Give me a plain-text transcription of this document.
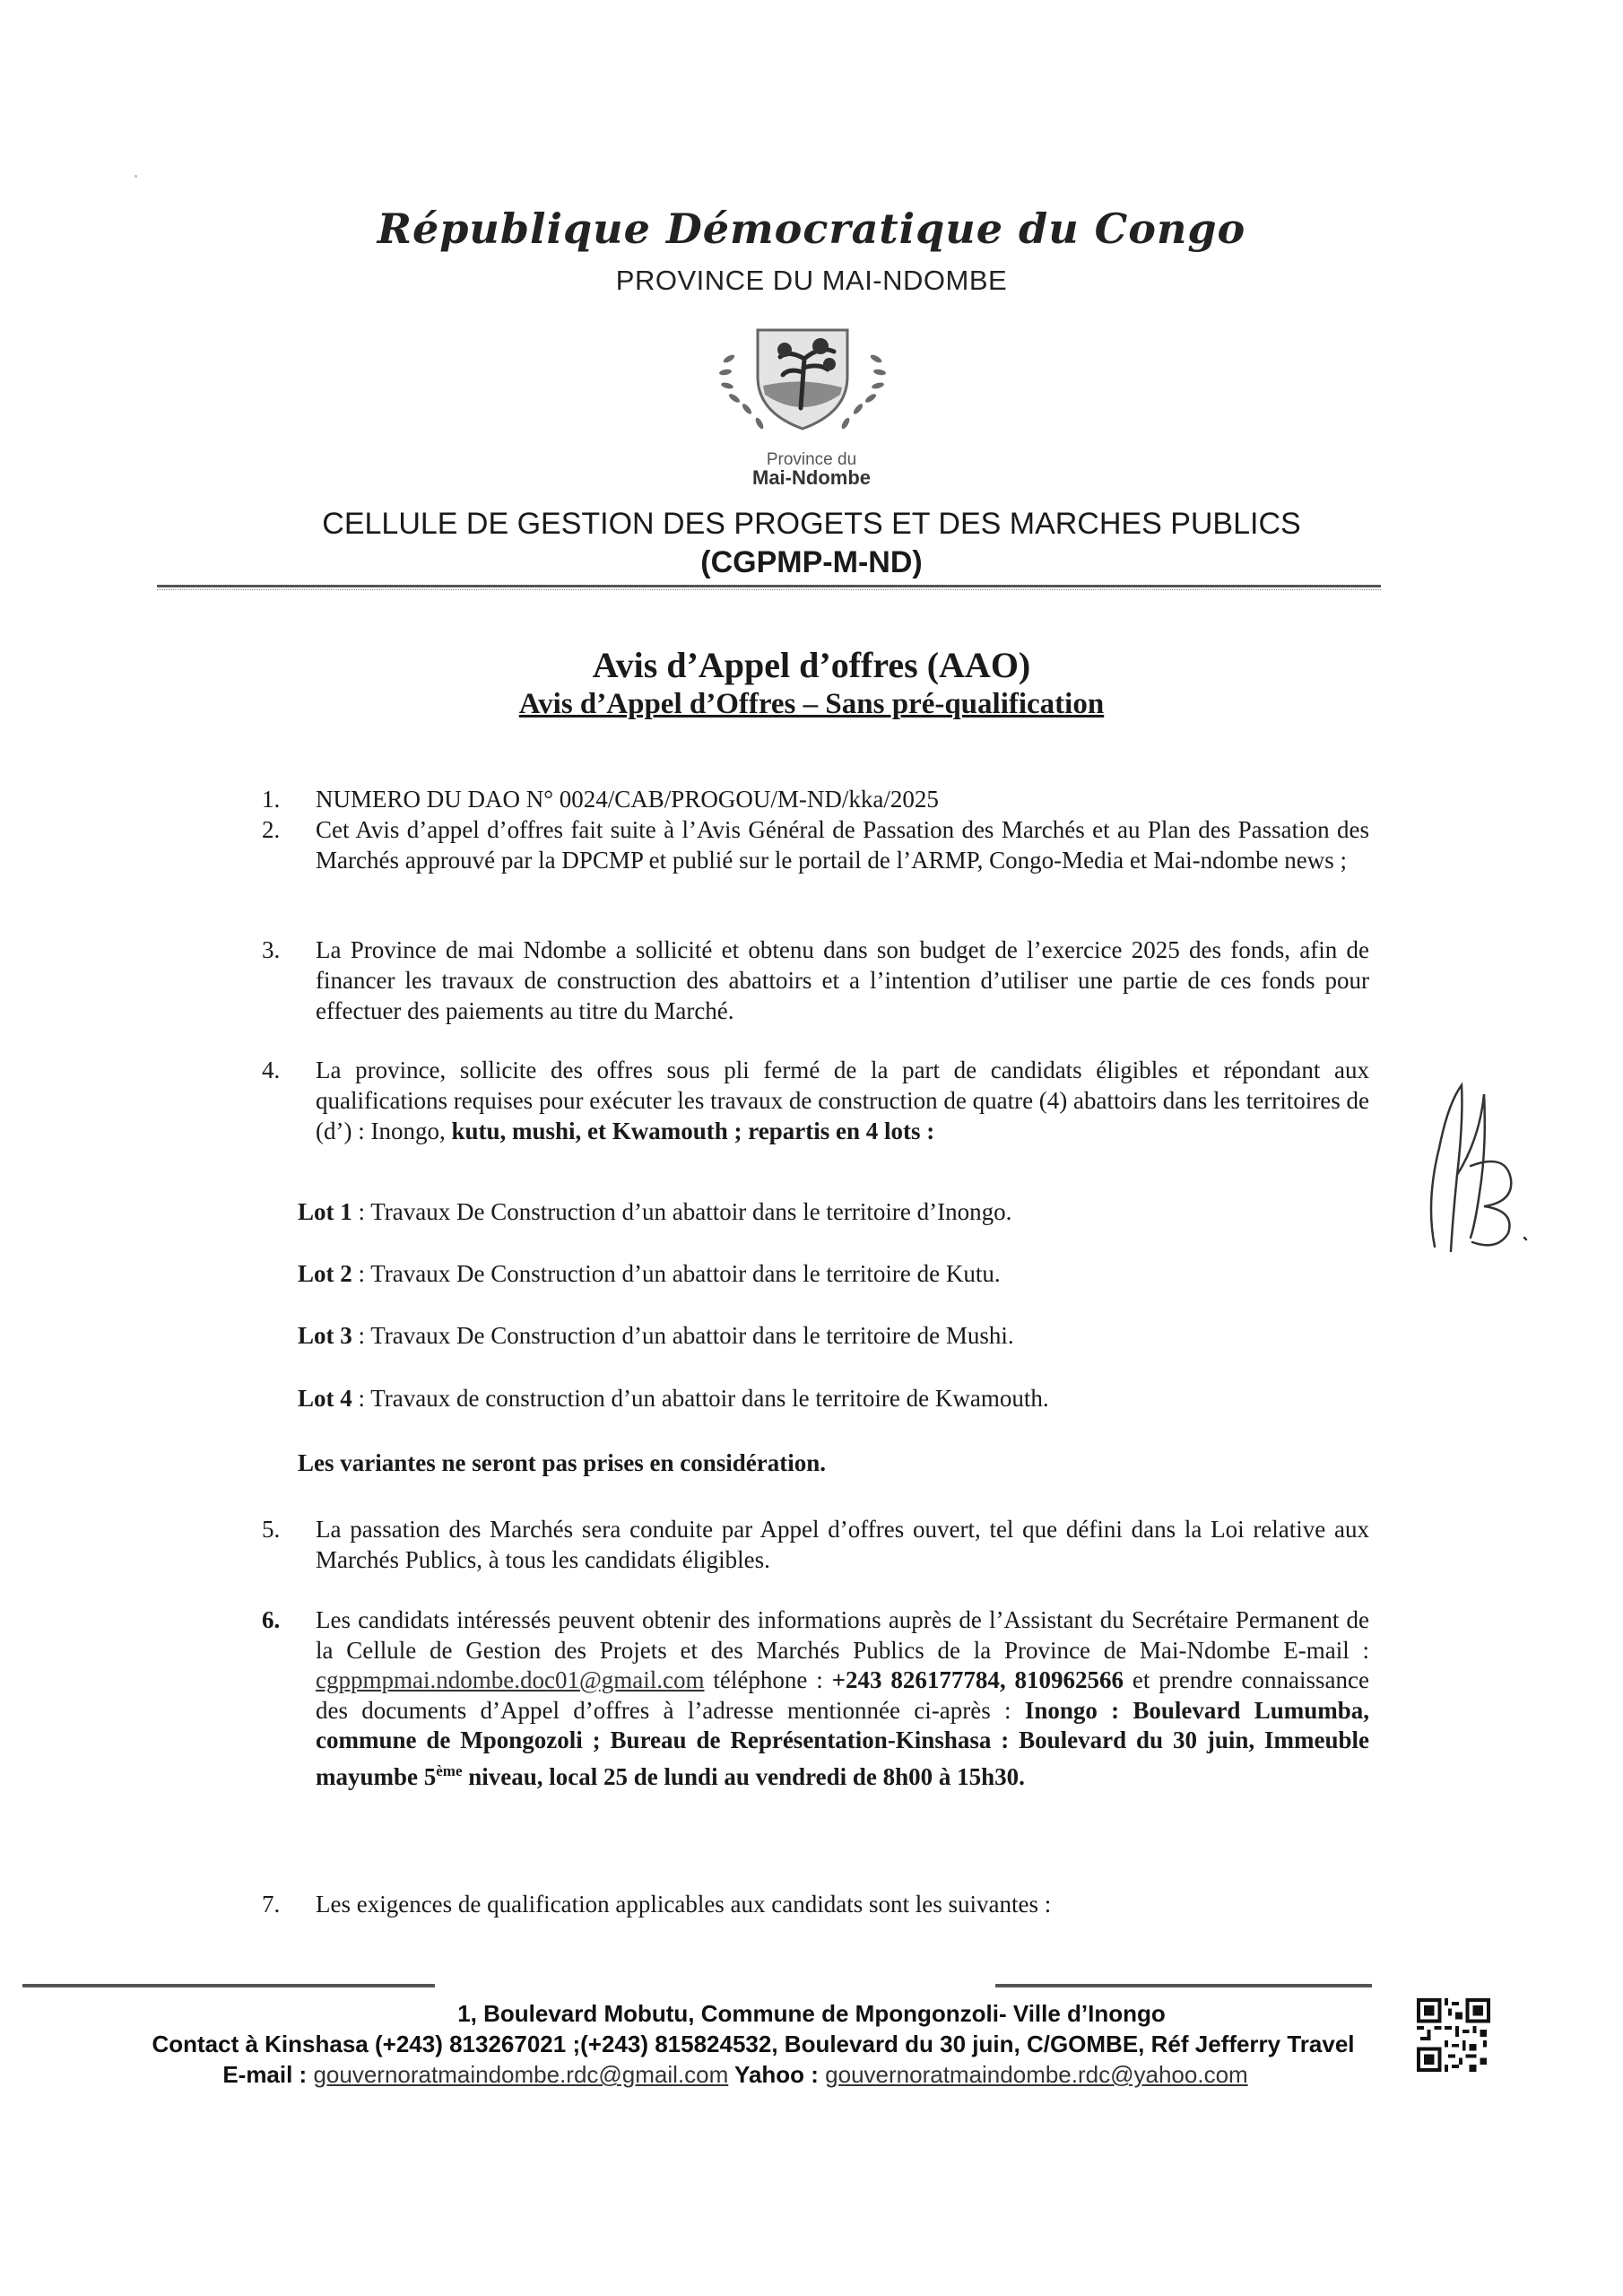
République Démocratique du Congo
PROVINCE DU MAI-NDOMBE
Province du
Mai-Ndombe
CELLULE DE GESTION DES PROGETS ET DES MARCHES PUBLICS
(CGPMP-M-ND)
Avis d’Appel d’offres (AAO)
Avis d’Appel d’Offres – Sans pré-qualification
1.	NUMERO DU DAO N° 0024/CAB/PROGOU/M-ND/kka/2025
2.	Cet Avis d’appel d’offres fait suite à l’Avis Général de Passation des Marchés et au Plan des Passation des Marchés approuvé par la DPCMP et publié sur le portail de l’ARMP, Congo-Media et Mai-ndombe news ;
3.	La Province de mai Ndombe a sollicité et obtenu dans son budget de l’exercice 2025 des fonds, afin de financer les travaux de construction des abattoirs et a l’intention d’utiliser une partie de ces fonds pour effectuer des paiements au titre du Marché.
4.	La province, sollicite des offres sous pli fermé de la part de candidats éligibles et répondant aux qualifications requises pour exécuter les travaux de construction de quatre (4) abattoirs dans les territoires de (d’) : Inongo, kutu, mushi, et Kwamouth ; repartis en 4 lots :
Lot 1 : Travaux De Construction d’un abattoir dans le territoire d’Inongo.
Lot 2 : Travaux De Construction d’un abattoir dans le territoire de Kutu.
Lot 3 : Travaux De Construction d’un abattoir dans le territoire de Mushi.
Lot 4 : Travaux de construction d’un abattoir dans le territoire de Kwamouth.
Les variantes ne seront pas prises en considération.
5.	La passation des Marchés sera conduite par Appel d’offres ouvert, tel que défini dans la Loi relative aux Marchés Publics, à tous les candidats éligibles.
6.	Les candidats intéressés peuvent obtenir des informations auprès de l’Assistant du Secrétaire Permanent de la Cellule de Gestion des Projets et des Marchés Publics de la Province de Mai-Ndombe E-mail : cgppmpmai.ndombe.doc01@gmail.com téléphone : +243 826177784, 810962566 et prendre connaissance des documents d’Appel d’offres à l’adresse mentionnée ci-après : Inongo : Boulevard Lumumba, commune de Mpongozoli ; Bureau de Représentation-Kinshasa : Boulevard du 30 juin, Immeuble mayumbe 5ème niveau, local 25 de lundi au vendredi de 8h00 à 15h30.
7.	Les exigences de qualification applicables aux candidats sont les suivantes :
1, Boulevard Mobutu, Commune de Mpongonzoli- Ville d’Inongo
Contact à Kinshasa (+243) 813267021 ;(+243) 815824532, Boulevard du 30 juin, C/GOMBE, Réf Jefferry Travel
E-mail : gouvernoratmaindombe.rdc@gmail.com Yahoo : gouvernoratmaindombe.rdc@yahoo.com
